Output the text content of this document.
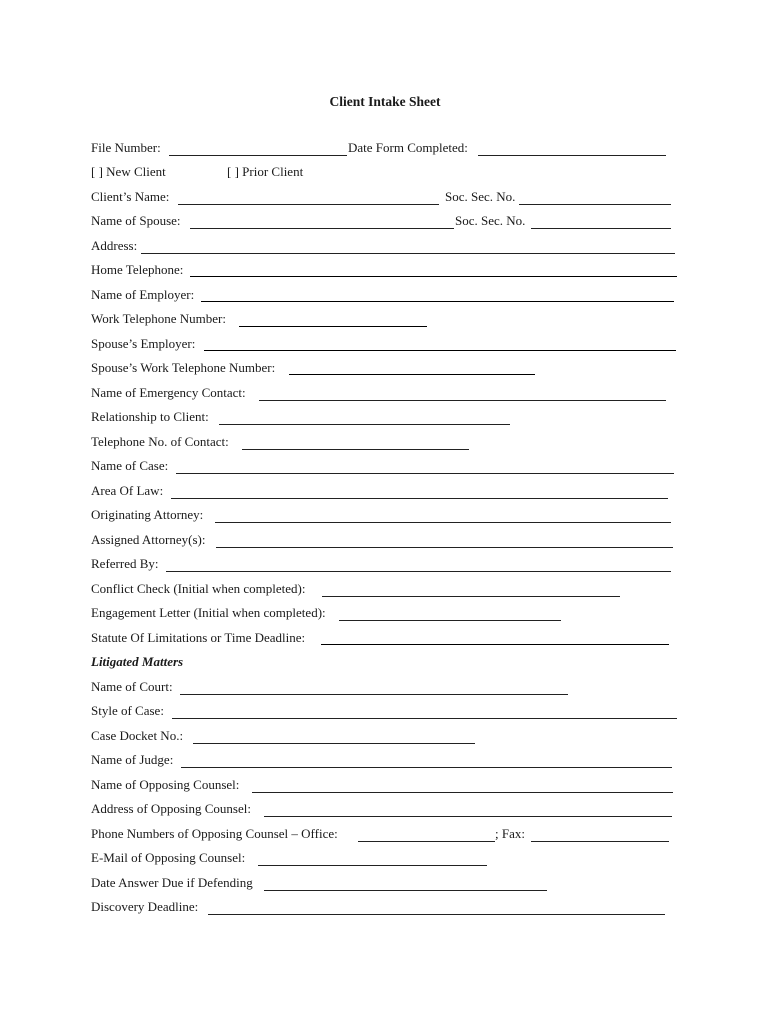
Client Intake Sheet
File Number:	Date Form Completed:
[ ] New Client	[ ] Prior Client
Client’s Name:	Soc. Sec. No.
Name of Spouse:	Soc. Sec. No.
Address:
Home Telephone:
Name of Employer:
Work Telephone Number:
Spouse’s Employer:
Spouse’s Work Telephone Number:
Name of Emergency Contact:
Relationship to Client:
Telephone No. of Contact:
Name of Case:
Area Of Law:
Originating Attorney:
Assigned Attorney(s):
Referred By:
Conflict Check (Initial when completed):
Engagement Letter (Initial when completed):
Statute Of Limitations or Time Deadline:
Litigated Matters
Name of Court:
Style of Case:
Case Docket No.:
Name of Judge:
Name of Opposing Counsel:
Address of Opposing Counsel:
Phone Numbers of Opposing Counsel – Office:	; Fax:
E-Mail of Opposing Counsel:
Date Answer Due if Defending
Discovery Deadline:
